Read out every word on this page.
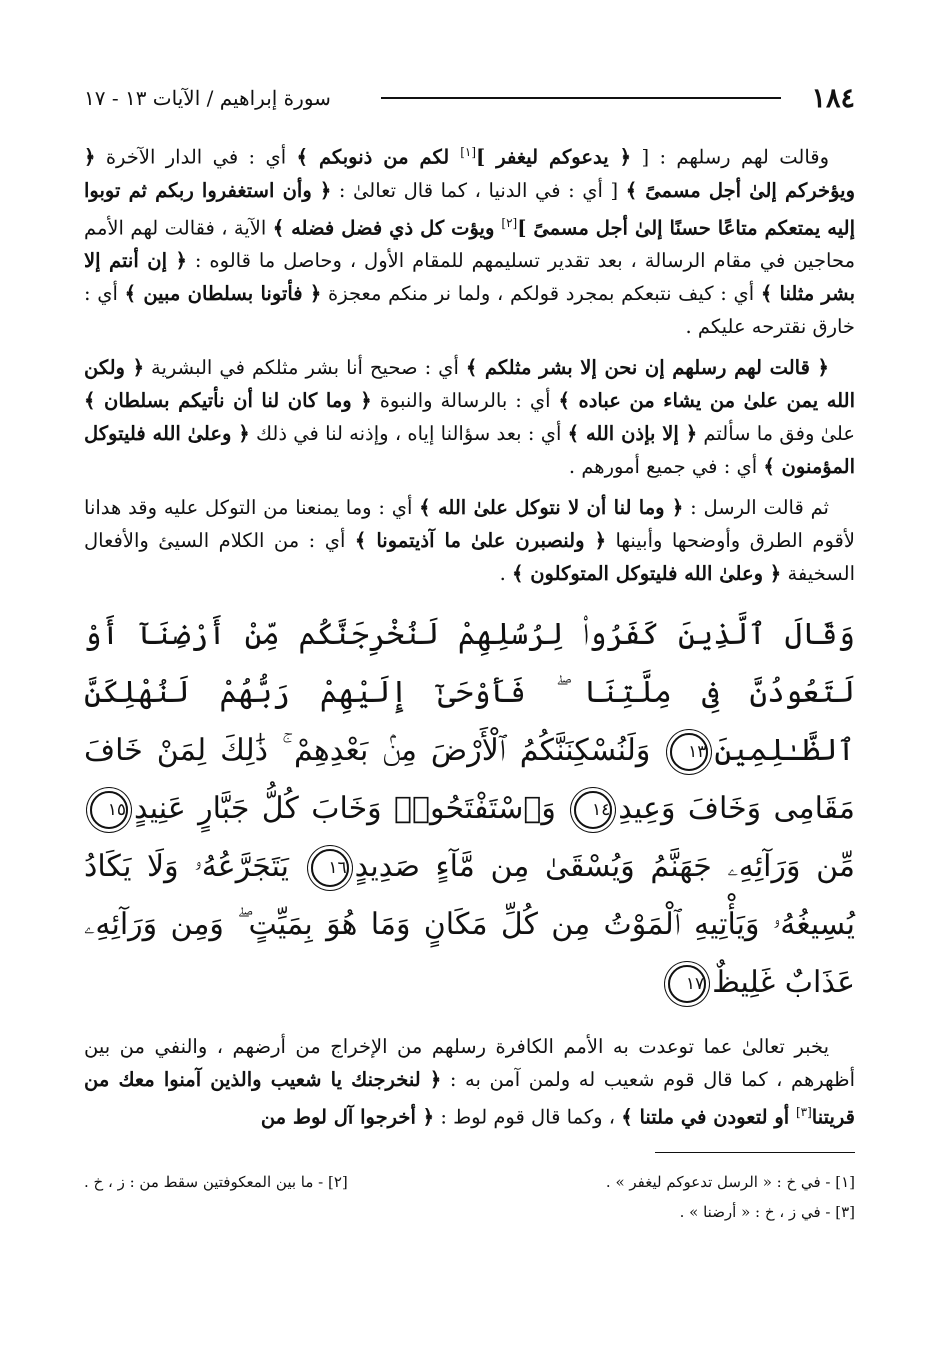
١٨٤
سورة إبراهيم / الآيات ١٣ - ١٧

وقالت لهم رسلهم : [ ﴿ يدعوكم ليغفر ][١] لكم من ذنوبكم ﴾ أي : في الدار الآخرة ﴿ ويؤخركم إلىٰ أجل مسمىً ﴾ [ أي : في الدنيا ، كما قال تعالىٰ : ﴿ وأن استغفروا ربكم ثم توبوا إليه يمتعكم متاعًا حسنًا إلىٰ أجل مسمىً ][٢] ويؤت كل ذي فضل فضله ﴾ الآية ، فقالت لهم الأمم محاجين في مقام الرسالة ، بعد تقدير تسليمهم للمقام الأول ، وحاصل ما قالوه : ﴿ إن أنتم إلا بشر مثلنا ﴾ أي : كيف نتبعكم بمجرد قولكم ، ولما نر منكم معجزة ﴿ فأتونا بسلطان مبين ﴾ أي : خارق نقترحه عليكم .

﴿ قالت لهم رسلهم إن نحن إلا بشر مثلكم ﴾ أي : صحيح أنا بشر مثلكم في البشرية ﴿ ولكن الله يمن علىٰ من يشاء من عباده ﴾ أي : بالرسالة والنبوة ﴿ وما كان لنا أن نأتيكم بسلطان ﴾ علىٰ وفق ما سألتم ﴿ إلا بإذن الله ﴾ أي : بعد سؤالنا إياه ، وإذنه لنا في ذلك ﴿ وعلىٰ الله فليتوكل المؤمنون ﴾ أي : في جميع أمورهم .

ثم قالت الرسل : ﴿ وما لنا أن لا نتوكل علىٰ الله ﴾ أي : وما يمنعنا من التوكل عليه وقد هدانا لأقوم الطرق وأوضحها وأبينها ﴿ ولنصبرن علىٰ ما آذيتمونا ﴾ أي : من الكلام السيئ والأفعال السخيفة ﴿ وعلىٰ الله فليتوكل المتوكلون ﴾ .

وَقَالَ ٱلَّذِينَ كَفَرُوا۟ لِرُسُلِهِمْ لَنُخْرِجَنَّكُم مِّنْ أَرْضِنَآ أَوْ لَتَعُودُنَّ فِى مِلَّتِنَا ۖ فَأَوْحَىٰٓ إِلَيْهِمْ رَبُّهُمْ لَنُهْلِكَنَّ ٱلظَّـٰلِمِينَ١٣ وَلَنُسْكِنَنَّكُمُ ٱلْأَرْضَ مِنۢ بَعْدِهِمْ ۚ ذَٰلِكَ لِمَنْ خَافَ مَقَامِى وَخَافَ وَعِيدِ١٤ وَٱسْتَفْتَحُوا۟ وَخَابَ كُلُّ جَبَّارٍ عَنِيدٍ١٥ مِّن وَرَآئِهِۦ جَهَنَّمُ وَيُسْقَىٰ مِن مَّآءٍ صَدِيدٍ١٦ يَتَجَرَّعُهُۥ وَلَا يَكَادُ يُسِيغُهُۥ وَيَأْتِيهِ ٱلْمَوْتُ مِن كُلِّ مَكَانٍ وَمَا هُوَ بِمَيِّتٍ ۖ وَمِن وَرَآئِهِۦ عَذَابٌ غَلِيظٌ١٧

يخبر تعالىٰ عما توعدت به الأمم الكافرة رسلهم من الإخراج من أرضهم ، والنفي من بين أظهرهم ، كما قال قوم شعيب له ولمن آمن به : ﴿ لنخرجنك يا شعيب والذين آمنوا معك من قريتنا[٣] أو لتعودن في ملتنا ﴾ ، وكما قال قوم لوط : ﴿ أخرجوا آل لوط من

[١] - في خ : « الرسل تدعوكم ليغفر » .
[٢] - ما بين المعكوفتين سقط من : ز ، خ .
[٣] - في ز ، خ : « أرضنا » .
